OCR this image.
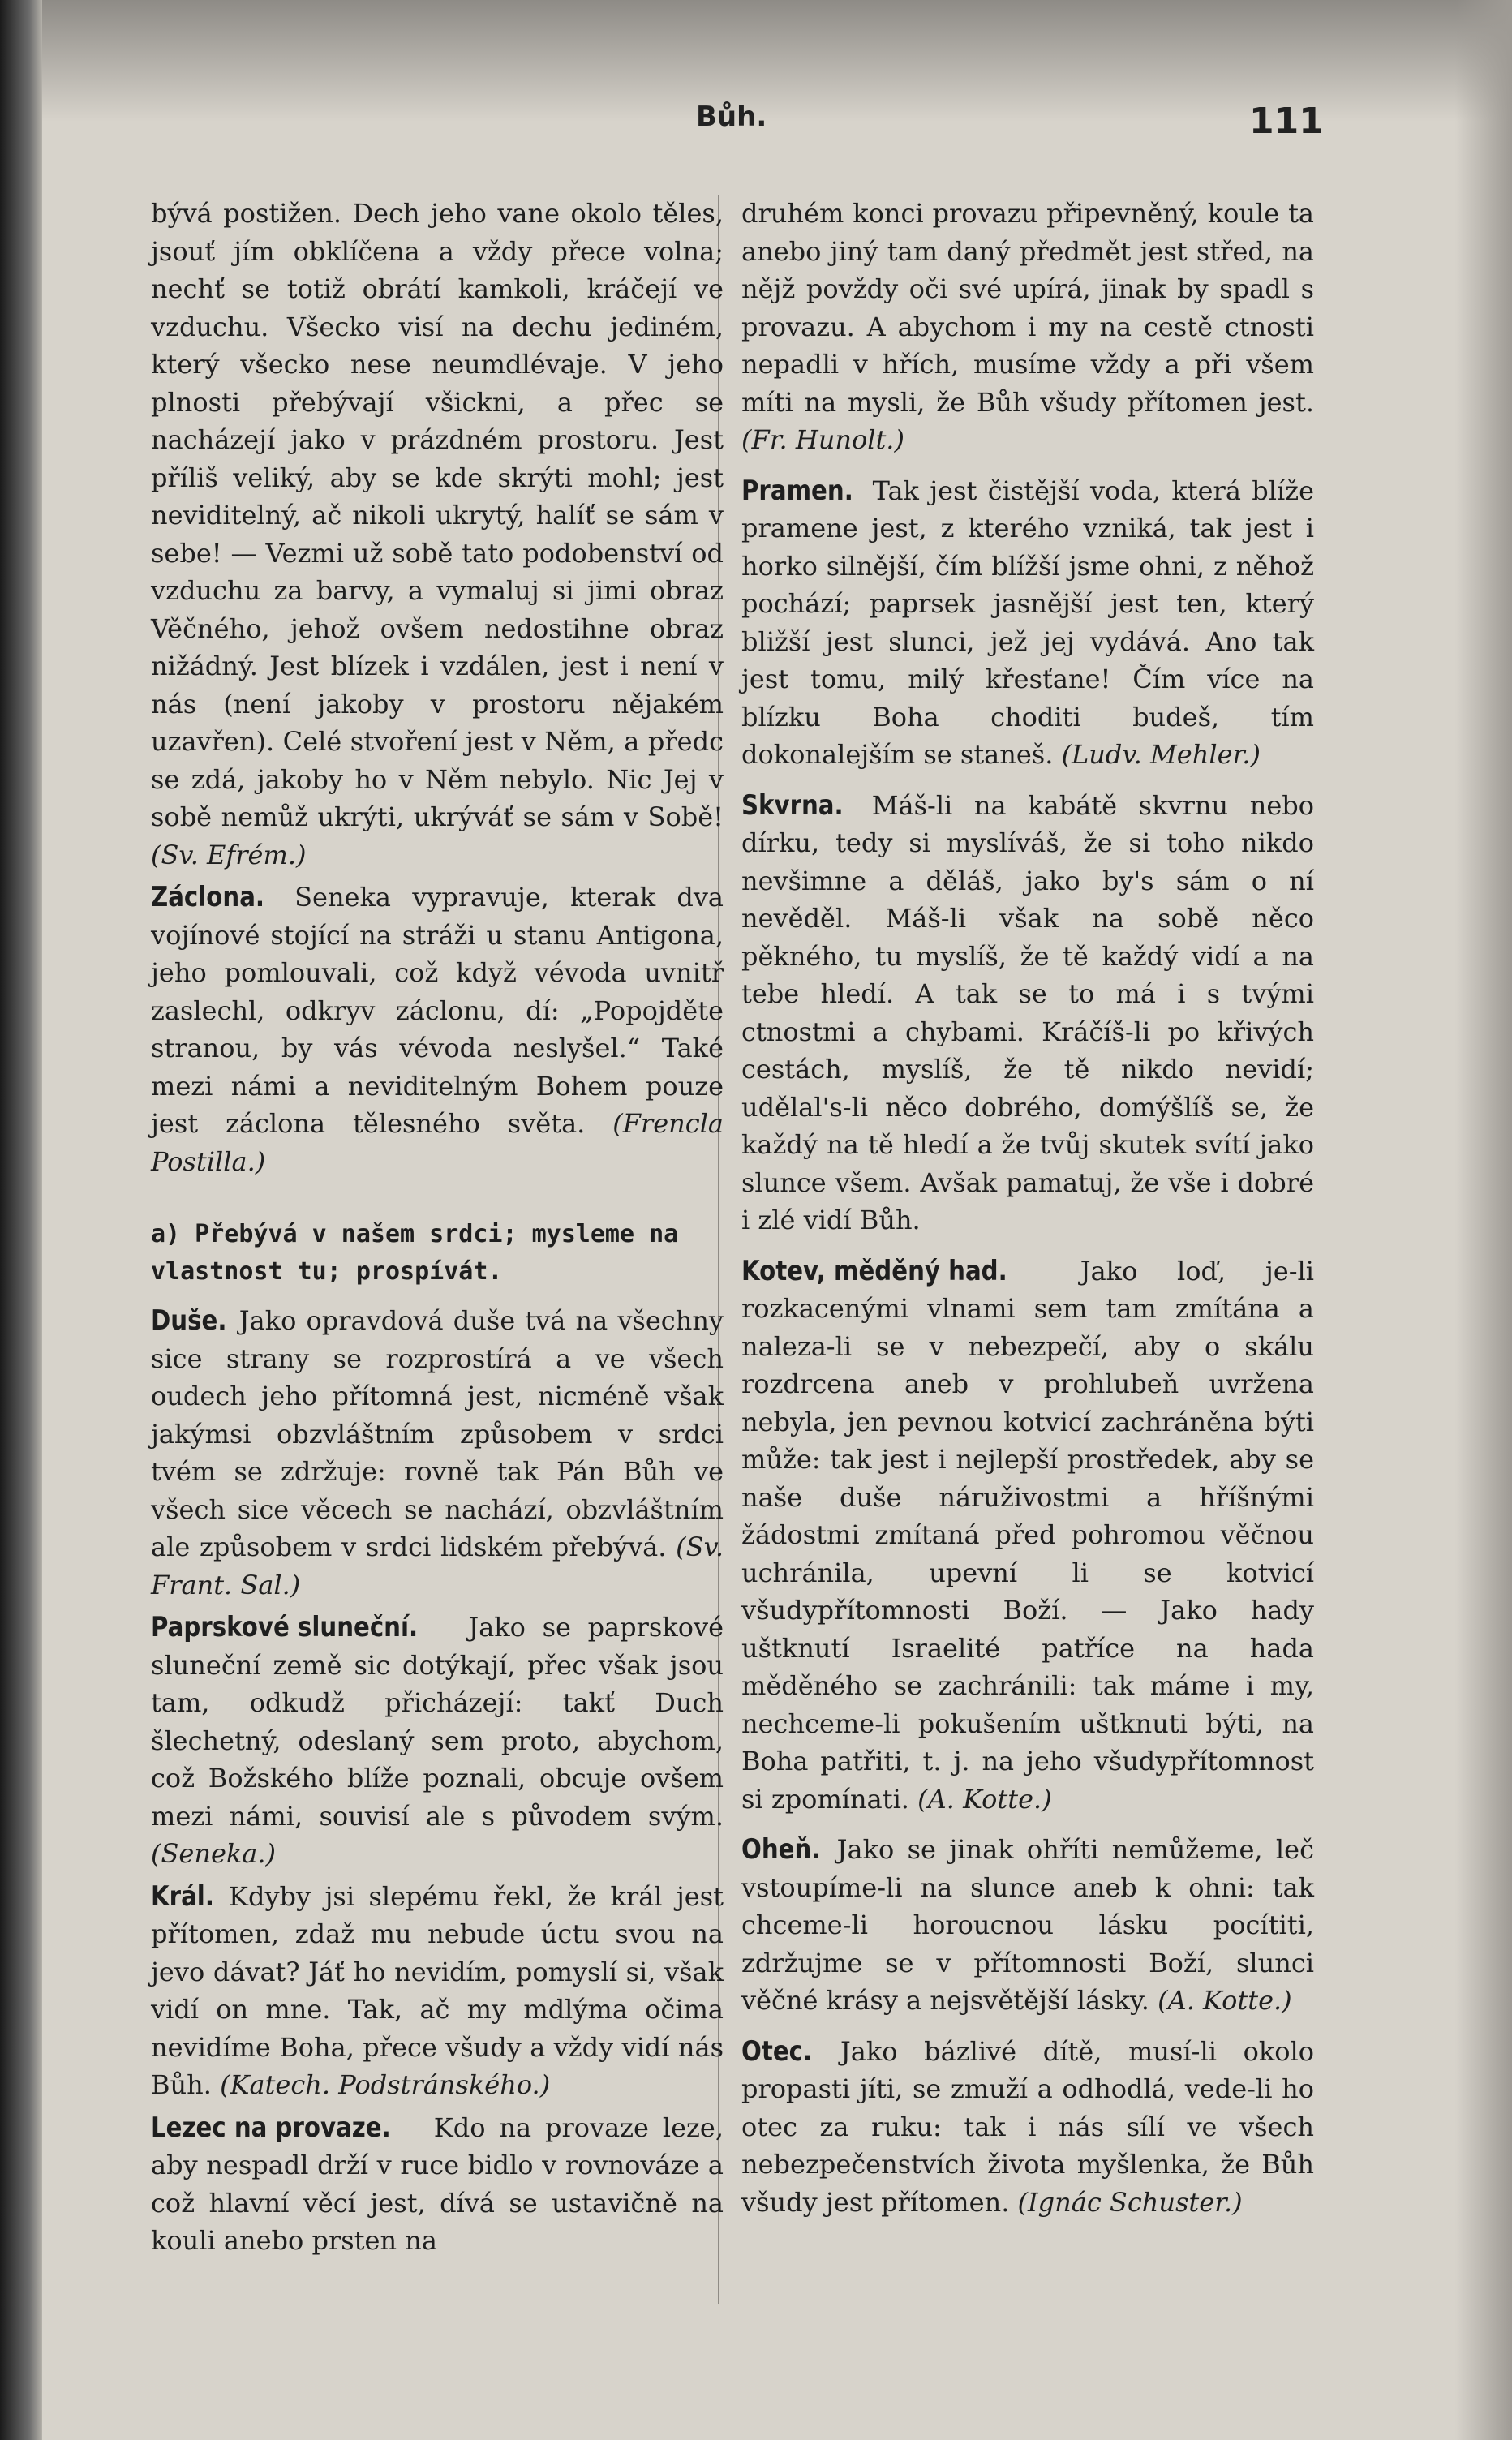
Bůh.	111

bývá postižen. Dech jeho vane okolo těles, jsouť jím obklíčena a vždy přece volna; nechť se totiž obrátí kamkoli, kráčejí ve vzduchu. Všecko visí na dechu jediném, který všecko nese neumdlévaje. V jeho plnosti přebývají všickni, a přec se nacházejí jako v prázdném prostoru. Jest příliš veliký, aby se kde skrýti mohl; jest neviditelný, ač nikoli ukrytý, halíť se sám v sebe! — Vezmi už sobě tato podobenství od vzduchu za barvy, a vymaluj si jimi obraz Věčného, jehož ovšem nedostihne obraz nižádný. Jest blízek i vzdálen, jest i není v nás (není jakoby v prostoru nějakém uzavřen). Celé stvoření jest v Něm, a předc se zdá, jakoby ho v Něm nebylo. Nic Jej v sobě nemůž ukrýti, ukrýváť se sám v Sobě! (Sv. Efrém.)

Záclona. Seneka vypravuje, kterak dva vojínové stojící na stráži u stanu Antigona, jeho pomlouvali, což když vévoda uvnitř zaslechl, odkryv záclonu, dí: „Popojděte stranou, by vás vévoda neslyšel.“ Také mezi námi a neviditelným Bohem pouze jest záclona tělesného světa. (Frencla Postilla.)

a) Přebývá v našem srdci; mysleme na vlastnost tu; prospívát.

Duše. Jako opravdová duše tvá na všechny sice strany se rozprostírá a ve všech oudech jeho přítomná jest, nicméně však jakýmsi obzvláštním způsobem v srdci tvém se zdržuje: rovně tak Pán Bůh ve všech sice věcech se nachází, obzvláštním ale způsobem v srdci lidském přebývá. (Sv. Frant. Sal.)

Paprskové sluneční. Jako se paprskové sluneční země sic dotýkají, přec však jsou tam, odkudž přicházejí: takť Duch šlechetný, odeslaný sem proto, abychom, což Božského blíže poznali, obcuje ovšem mezi námi, souvisí ale s původem svým. (Seneka.)

Král. Kdyby jsi slepému řekl, že král jest přítomen, zdaž mu nebude úctu svou na jevo dávat? Jáť ho nevidím, pomyslí si, však vidí on mne. Tak, ač my mdlýma očima nevidíme Boha, přece všudy a vždy vidí nás Bůh. (Katech. Podstránského.)

Lezec na provaze. Kdo na provaze leze, aby nespadl drží v ruce bidlo v rovnováze a což hlavní věcí jest, dívá se ustavičně na kouli anebo prsten na

druhém konci provazu připevněný, koule ta anebo jiný tam daný předmět jest střed, na nějž povždy oči své upírá, jinak by spadl s provazu. A abychom i my na cestě ctnosti nepadli v hřích, musíme vždy a při všem míti na mysli, že Bůh všudy přítomen jest. (Fr. Hunolt.)

Pramen. Tak jest čistější voda, která blíže pramene jest, z kterého vzniká, tak jest i horko silnější, čím blížší jsme ohni, z něhož pochází; paprsek jasnější jest ten, který bližší jest slunci, jež jej vydává. Ano tak jest tomu, milý křesťane! Čím více na blízku Boha choditi budeš, tím dokonalejším se staneš. (Ludv. Mehler.)

Skvrna. Máš-li na kabátě skvrnu nebo dírku, tedy si myslíváš, že si toho nikdo nevšimne a děláš, jako by's sám o ní nevěděl. Máš-li však na sobě něco pěkného, tu myslíš, že tě každý vidí a na tebe hledí. A tak se to má i s tvými ctnostmi a chybami. Kráčíš-li po křivých cestách, myslíš, že tě nikdo nevidí; udělal's-li něco dobrého, domýšlíš se, že každý na tě hledí a že tvůj skutek svítí jako slunce všem. Avšak pamatuj, že vše i dobré i zlé vidí Bůh.

Kotev, měděný had.	Jako loď, je-li rozkacenými vlnami sem tam zmítána a naleza-li se v nebezpečí, aby o skálu rozdrcena aneb v prohlubeň uvržena nebyla, jen pevnou kotvicí zachráněna býti může: tak jest i nejlepší prostředek, aby se naše duše náruživostmi a hříšnými žádostmi zmítaná před pohromou věčnou uchránila, upevní li se kotvicí všudypřítomnosti Boží. — Jako hady uštknutí Israelité patříce na hada měděného se zachránili: tak máme i my, nechceme-li pokušením uštknuti býti, na Boha patřiti, t. j. na jeho všudypřítomnost si zpomínati. (A. Kotte.)

Oheň. Jako se jinak ohříti nemůžeme, leč vstoupíme-li na slunce aneb k ohni: tak chceme-li horoucnou lásku pocítiti, zdržujme se v přítomnosti Boží, slunci věčné krásy a nejsvětější lásky. (A. Kotte.)

Otec. Jako bázlivé dítě, musí-li okolo propasti jíti, se zmuží a odhodlá, vede-li ho otec za ruku: tak i nás sílí ve všech nebezpečenstvích života myšlenka, že Bůh všudy jest přítomen. (Ignác Schuster.)
